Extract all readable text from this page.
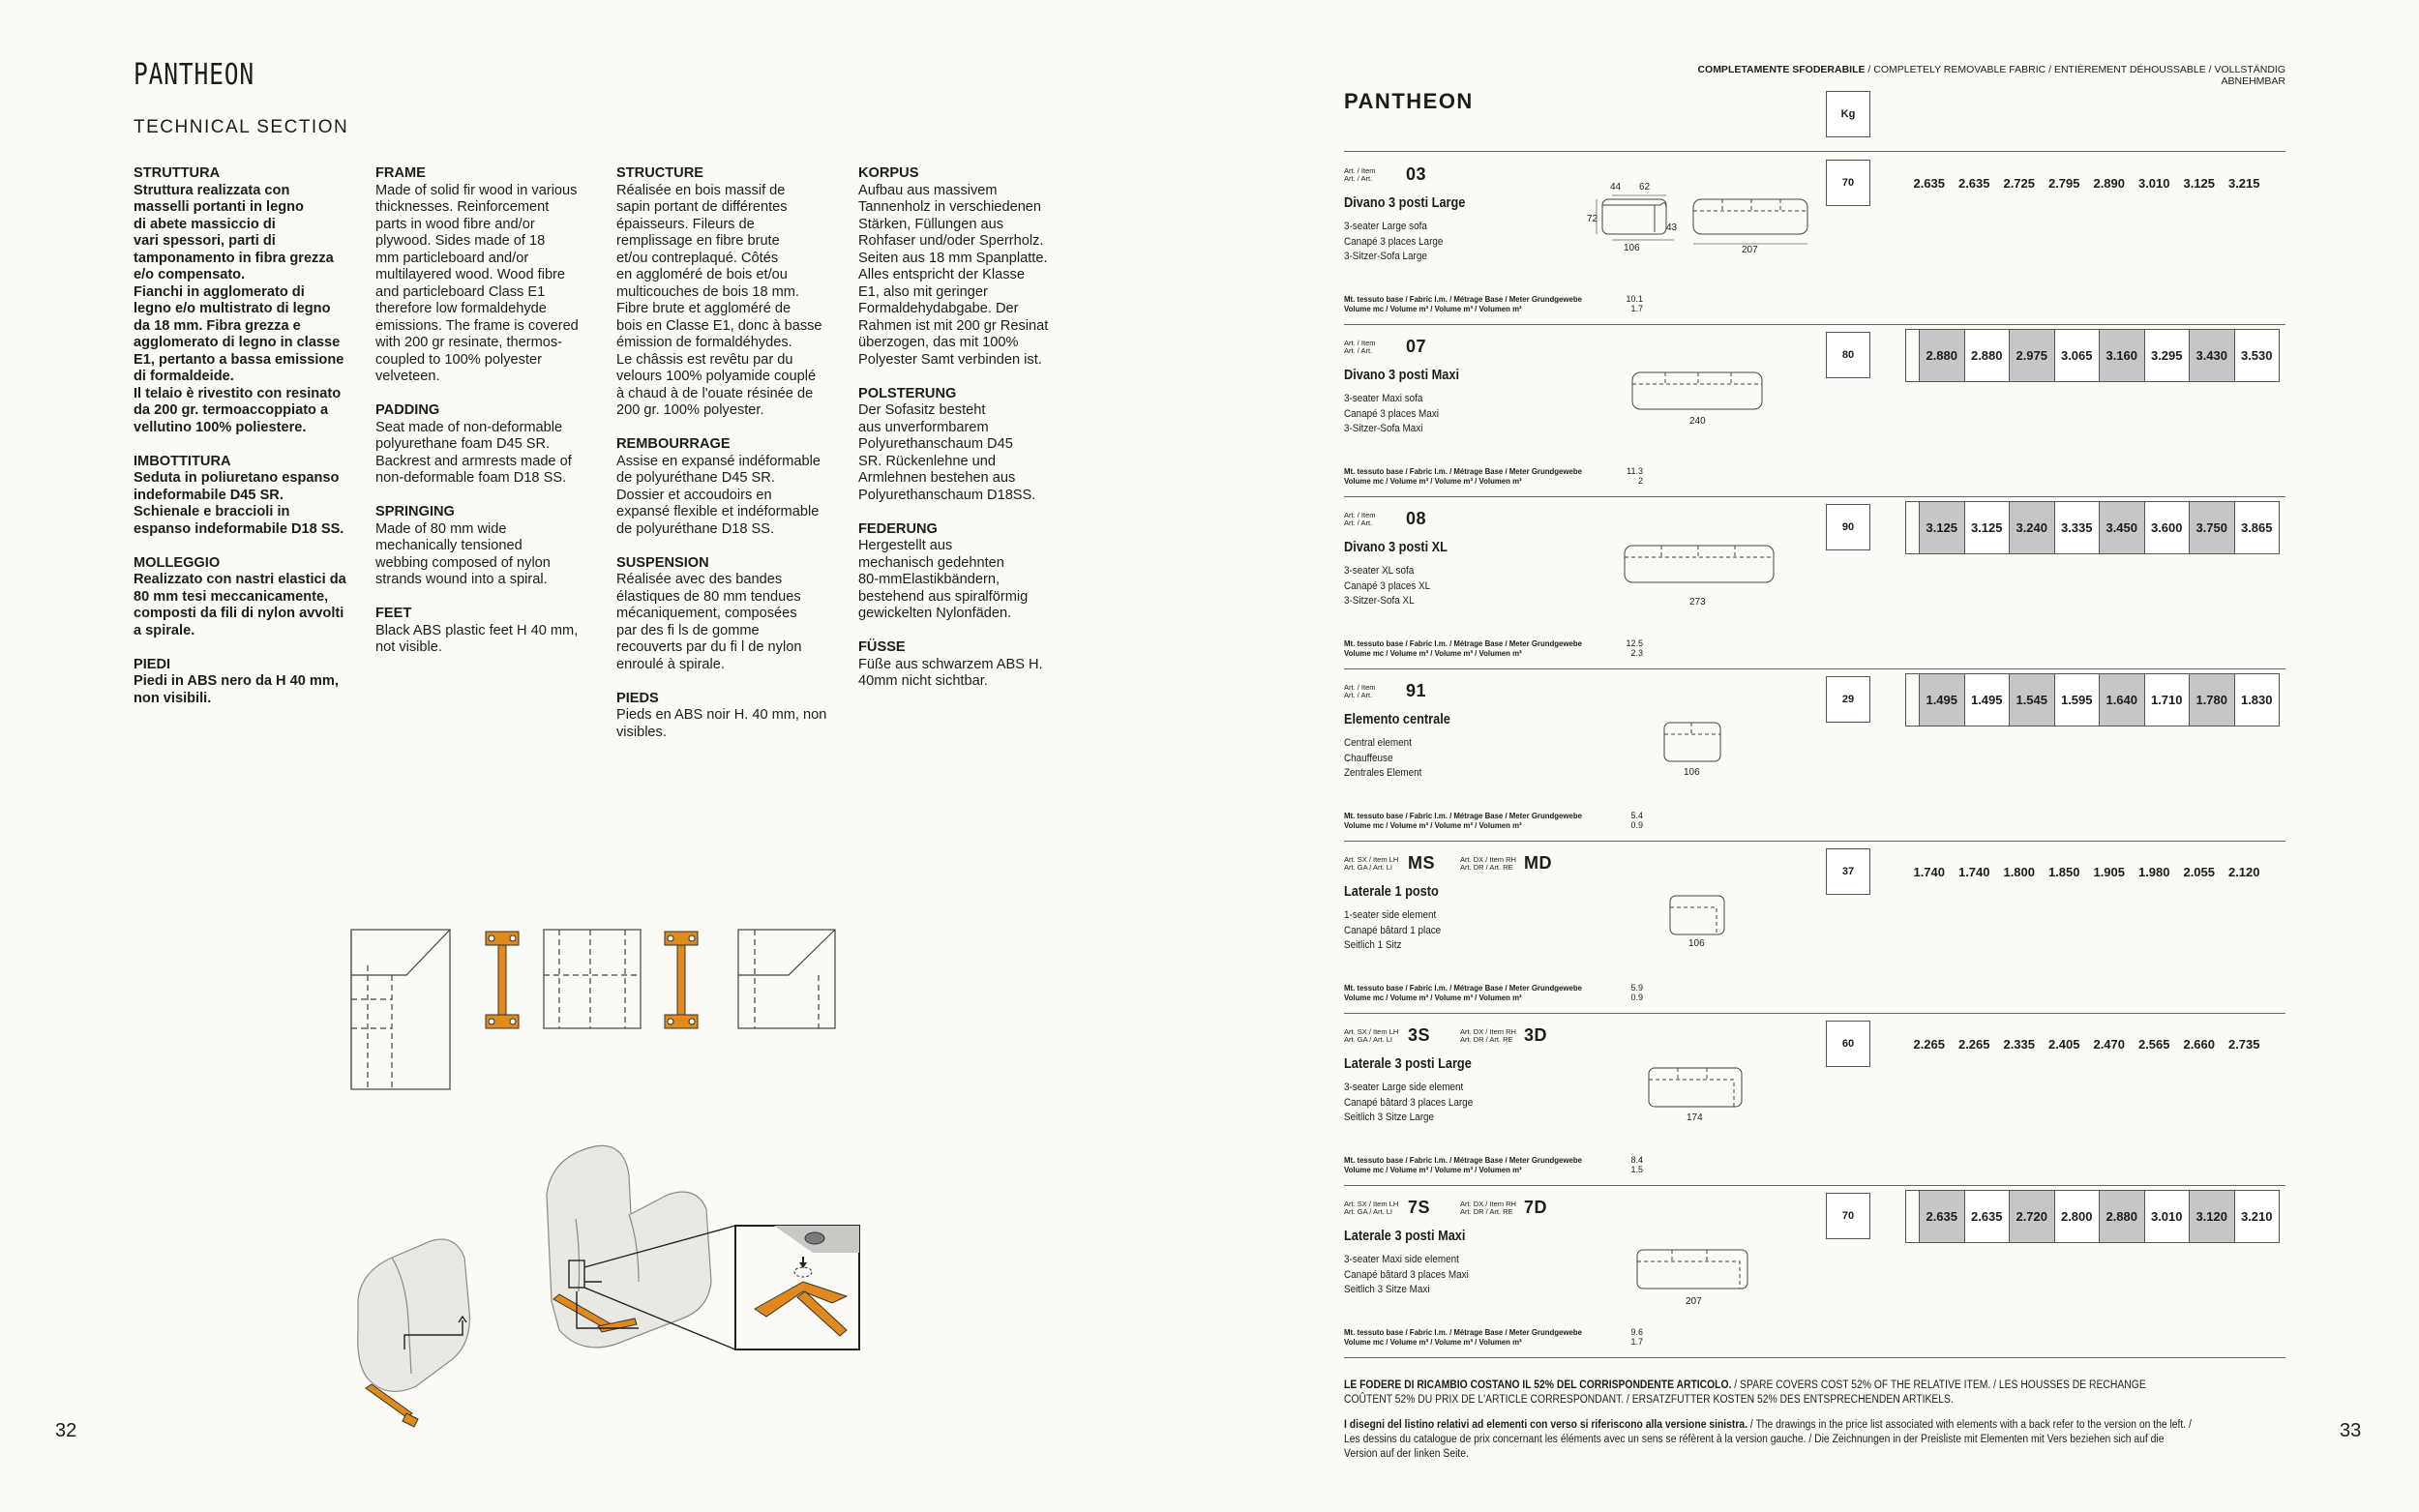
PANTHEON
TECHNICAL SECTION
STRUTTURA

Struttura realizzata con
masselli portanti in legno
di abete massiccio di
vari spessori, parti di
tamponamento in fibra grezza
e/o compensato.
Fianchi in agglomerato di
legno e/o multistrato di legno
da 18 mm. Fibra grezza e
agglomerato di legno in classe
E1, pertanto a bassa emissione
di formaldeide.
Il telaio è rivestito con resinato
da 200 gr. termoaccoppiato a
vellutino 100% poliestere.

IMBOTTITURA

Seduta in poliuretano espanso
indeformabile D45 SR.
Schienale e braccioli in
espanso indeformabile D18 SS.

MOLLEGGIO

Realizzato con nastri elastici da
80 mm tesi meccanicamente,
composti da fili di nylon avvolti
a spirale.

PIEDI

Piedi in ABS nero da H 40 mm,
non visibili.

FRAME

Made of solid fir wood in various
thicknesses. Reinforcement
parts in wood fibre and/or
plywood. Sides made of 18
mm particleboard and/or
multilayered wood. Wood fibre
and particleboard Class E1
therefore low formaldehyde
emissions. The frame is covered
with 200 gr resinate, thermos-
coupled to 100% polyester
velveteen.

PADDING

Seat made of non-deformable
polyurethane foam D45 SR.
Backrest and armrests made of
non-deformable foam D18 SS.

SPRINGING

Made of 80 mm wide
mechanically tensioned
webbing composed of nylon
strands wound into a spiral.

FEET

Black ABS plastic feet H 40 mm,
not visible.

STRUCTURE

Réalisée en bois massif de
sapin portant de différentes
épaisseurs. Fileurs de
remplissage en fibre brute
et/ou contreplaqué. Côtés
en aggloméré de bois et/ou
multicouches de bois 18 mm.
Fibre brute et aggloméré de
bois en Classe E1, donc à basse
émission de formaldéhydes.
Le châssis est revêtu par du
velours 100% polyamide couplé
à chaud à de l'ouate résinée de
200 gr. 100% polyester.

REMBOURRAGE

Assise en expansé indéformable
de polyuréthane D45 SR.
Dossier et accoudoirs en
expansé flexible et indéformable
de polyuréthane D18 SS.

SUSPENSION

Réalisée avec des bandes
élastiques de 80 mm tendues
mécaniquement, composées
par des fi ls de gomme
recouverts par du fi l de nylon
enroulé à spirale.

PIEDS

Pieds en ABS noir H. 40 mm, non
visibles.

KORPUS

Aufbau aus massivem
Tannenholz in verschiedenen
Stärken, Füllungen aus
Rohfaser und/oder Sperrholz.
Seiten aus 18 mm Spanplatte.
Alles entspricht der Klasse
E1, also mit geringer
Formaldehydabgabe. Der
Rahmen ist mit 200 gr Resinat
überzogen, das mit 100%
Polyester Samt verbinden ist.

POLSTERUNG

Der Sofasitz besteht
aus unverformbarem
Polyurethanschaum D45
SR. Rückenlehne und
Armlehnen bestehen aus
Polyurethanschaum D18SS.

FEDERUNG

Hergestellt aus
mechanisch gedehnten
80-mmElastikbändern,
bestehend aus spiralförmig
gewickelten Nylonfäden.

FÜSSE

Füße aus schwarzem ABS H.
40mm nicht sichtbar.

32
COMPLETAMENTE SFODERABILE / COMPLETELY REMOVABLE FABRIC / ENTIÈREMENT DÉHOUSSABLE / VOLLSTÄNDIG ABNEHMBAR
PANTHEON
Kg
Art. / Item
Art. / Art. 03
Divano 3 posti Large
3-seater Large sofa
Canapé 3 places Large
3-Sitzer-Sofa Large
Mt. tessuto base / Fabric l.m. / Métrage Base / Meter Grundgewebe
Volume mc / Volume m³ / Volume m³ / Volumen m³
10.1
1.7
70	2.635	2.635	2.725	2.795	2.890	3.010	3.125	3.215
Art. / Item
Art. / Art. 07
Divano 3 posti Maxi
3-seater Maxi sofa
Canapé 3 places Maxi
3-Sitzer-Sofa Maxi
Mt. tessuto base / Fabric l.m. / Métrage Base / Meter Grundgewebe
Volume mc / Volume m³ / Volume m³ / Volumen m³
11.3
2
80	2.880	2.880	2.975	3.065	3.160	3.295	3.430	3.530
Art. / Item
Art. / Art. 08
Divano 3 posti XL
3-seater XL sofa
Canapé 3 places XL
3-Sitzer-Sofa XL
Mt. tessuto base / Fabric l.m. / Métrage Base / Meter Grundgewebe
Volume mc / Volume m³ / Volume m³ / Volumen m³
12.5
2.3
90	3.125	3.125	3.240	3.335	3.450	3.600	3.750	3.865
Art. / Item
Art. / Art. 91
Elemento centrale
Central element
Chauffeuse
Zentrales Element
Mt. tessuto base / Fabric l.m. / Métrage Base / Meter Grundgewebe
Volume mc / Volume m³ / Volume m³ / Volumen m³
5.4
0.9
29	1.495	1.495	1.545	1.595	1.640	1.710	1.780	1.830
Art. SX / Item LH
Art. GA / Art. LI MS	Art. DX / Item RH
Art. DR / Art. RE MD
Laterale 1 posto
1-seater side element
Canapé bâtard 1 place
Seitlich 1 Sitz
Mt. tessuto base / Fabric l.m. / Métrage Base / Meter Grundgewebe
Volume mc / Volume m³ / Volume m³ / Volumen m³
5.9
0.9
37	1.740	1.740	1.800	1.850	1.905	1.980	2.055	2.120
Art. SX / Item LH
Art. GA / Art. LI 3S	Art. DX / Item RH
Art. DR / Art. RE 3D
Laterale 3 posti Large
3-seater Large side element
Canapé bâtard 3 places Large
Seitlich 3 Sitze Large
Mt. tessuto base / Fabric l.m. / Métrage Base / Meter Grundgewebe
Volume mc / Volume m³ / Volume m³ / Volumen m³
8.4
1.5
60	2.265	2.265	2.335	2.405	2.470	2.565	2.660	2.735
Art. SX / Item LH
Art. GA / Art. LI 7S	Art. DX / Item RH
Art. DR / Art. RE 7D
Laterale 3 posti Maxi
3-seater Maxi side element
Canapé bâtard 3 places Maxi
Seitlich 3 Sitze Maxi
Mt. tessuto base / Fabric l.m. / Métrage Base / Meter Grundgewebe
Volume mc / Volume m³ / Volume m³ / Volumen m³
9.6
1.7
70	2.635	2.635	2.720	2.800	2.880	3.010	3.120	3.210
44 62
72
43
106	207
240
273
106
106
174
207
LE FODERE DI RICAMBIO COSTANO IL 52% DEL CORRISPONDENTE ARTICOLO. / SPARE COVERS COST 52% OF THE RELATIVE ITEM. / LES HOUSSES DE RECHANGE COÛTENT 52% DU PRIX DE L'ARTICLE CORRESPONDANT. / ERSATZFUTTER KOSTEN 52% DES ENTSPRECHENDEN ARTIKELS.
I disegni del listino relativi ad elementi con verso si riferiscono alla versione sinistra. / The drawings in the price list associated with elements with a back refer to the version on the left. / Les dessins du catalogue de prix concernant les éléments avec un sens se réfèrent à la version gauche. / Die Zeichnungen in der Preisliste mit Elementen mit Vers beziehen sich auf die Version auf der linken Seite.
33
